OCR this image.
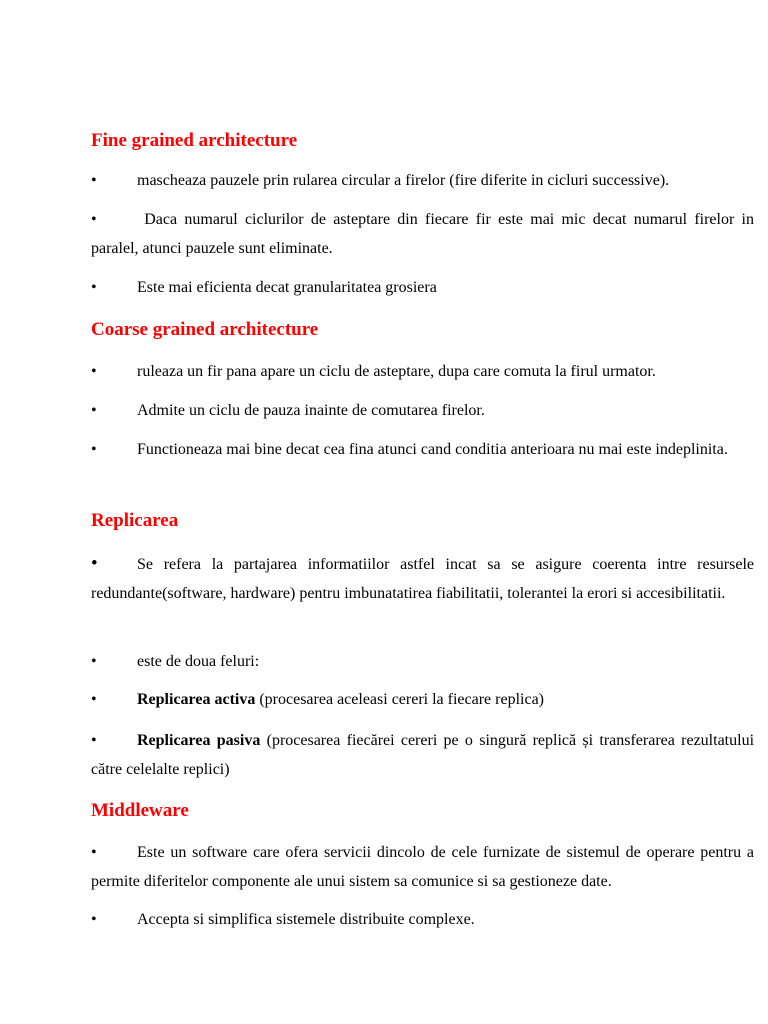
Fine grained architecture
•	mascheaza pauzele prin rularea circular a firelor (fire diferite in cicluri successive).
•	Daca numarul ciclurilor de asteptare din fiecare fir este mai mic decat numarul firelor in paralel, atunci pauzele sunt eliminate.
•	Este mai eficienta decat granularitatea grosiera
Coarse grained architecture
•	ruleaza un fir pana apare un ciclu de asteptare, dupa care comuta la firul urmator.
•	Admite un ciclu de pauza inainte de comutarea firelor.
•	Functioneaza mai bine decat cea fina atunci cand conditia anterioara nu mai este indeplinita.
Replicarea
• Se refera la partajarea informatiilor astfel incat sa se asigure coerenta intre resursele redundante(software, hardware) pentru imbunatatirea fiabilitatii, tolerantei la erori si accesibilitatii.
•	este de doua feluri:
•	Replicarea activa (procesarea aceleasi cereri la fiecare replica)
•	Replicarea pasiva (procesarea fiecărei cereri pe o singură replică și transferarea rezultatului către celelalte replici)
Middleware
•	Este un software care ofera servicii dincolo de cele furnizate de sistemul de operare pentru a permite diferitelor componente ale unui sistem sa comunice si sa gestioneze date.
•	Accepta si simplifica sistemele distribuite complexe.
